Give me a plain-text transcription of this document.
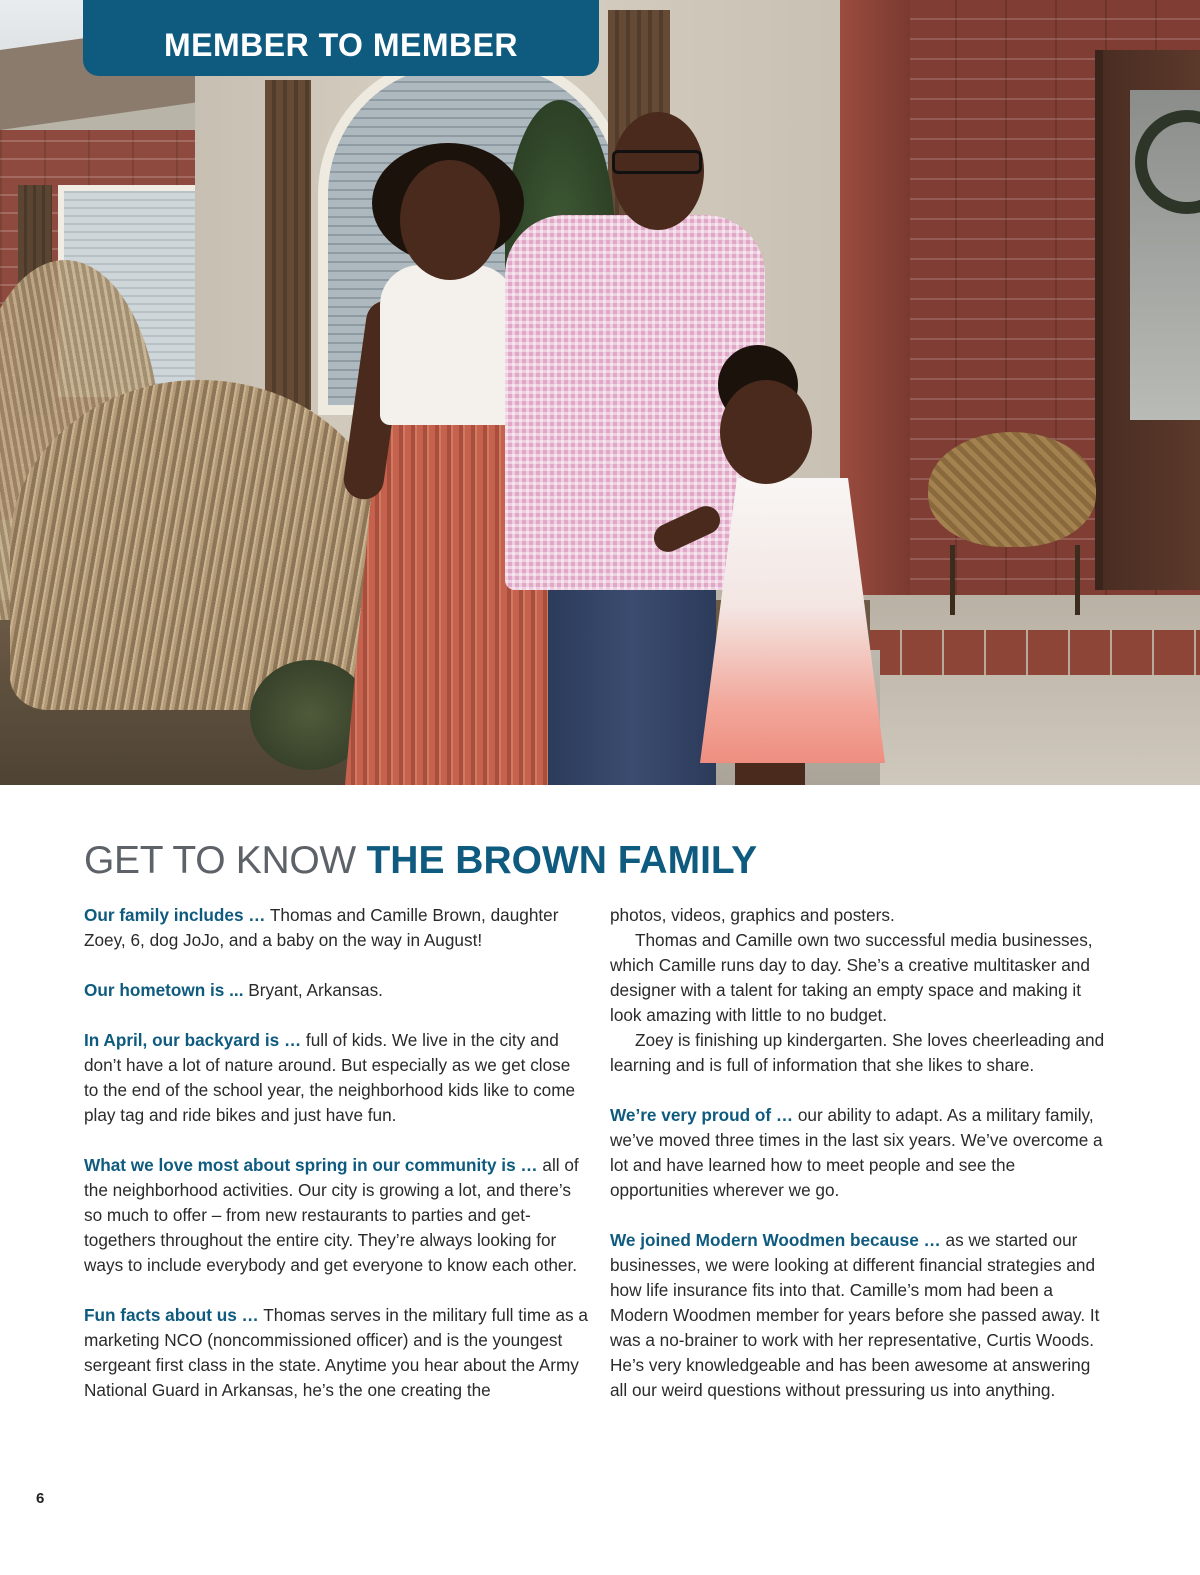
MEMBER TO MEMBER
GET TO KNOW THE BROWN FAMILY

Our family includes … Thomas and Camille Brown, daughter Zoey, 6, dog JoJo, and a baby on the way in August!

Our hometown is ... Bryant, Arkansas.

In April, our backyard is … full of kids. We live in the city and don’t have a lot of nature around. But especially as we get close to the end of the school year, the neighborhood kids like to come play tag and ride bikes and just have fun.

What we love most about spring in our community is … all of the neighborhood activities. Our city is growing a lot, and there’s so much to offer – from new restaurants to parties and get-togethers throughout the entire city. They’re always looking for ways to include everybody and get everyone to know each other.

Fun facts about us … Thomas serves in the military full time as a marketing NCO (noncommissioned officer) and is the youngest sergeant first class in the state. Anytime you hear about the Army National Guard in Arkansas, he’s the one creating the

photos, videos, graphics and posters.

Thomas and Camille own two successful media businesses, which Camille runs day to day. She’s a creative multitasker and designer with a talent for taking an empty space and making it look amazing with little to no budget.

Zoey is finishing up kindergarten. She loves cheerleading and learning and is full of information that she likes to share.

We’re very proud of … our ability to adapt. As a military family, we’ve moved three times in the last six years. We’ve overcome a lot and have learned how to meet people and see the opportunities wherever we go.

We joined Modern Woodmen because … as we started our businesses, we were looking at different financial strategies and how life insurance fits into that. Camille’s mom had been a Modern Woodmen member for years before she passed away. It was a no-brainer to work with her representative, Curtis Woods. He’s very knowledgeable and has been awesome at answering all our weird questions without pressuring us into anything.

6
